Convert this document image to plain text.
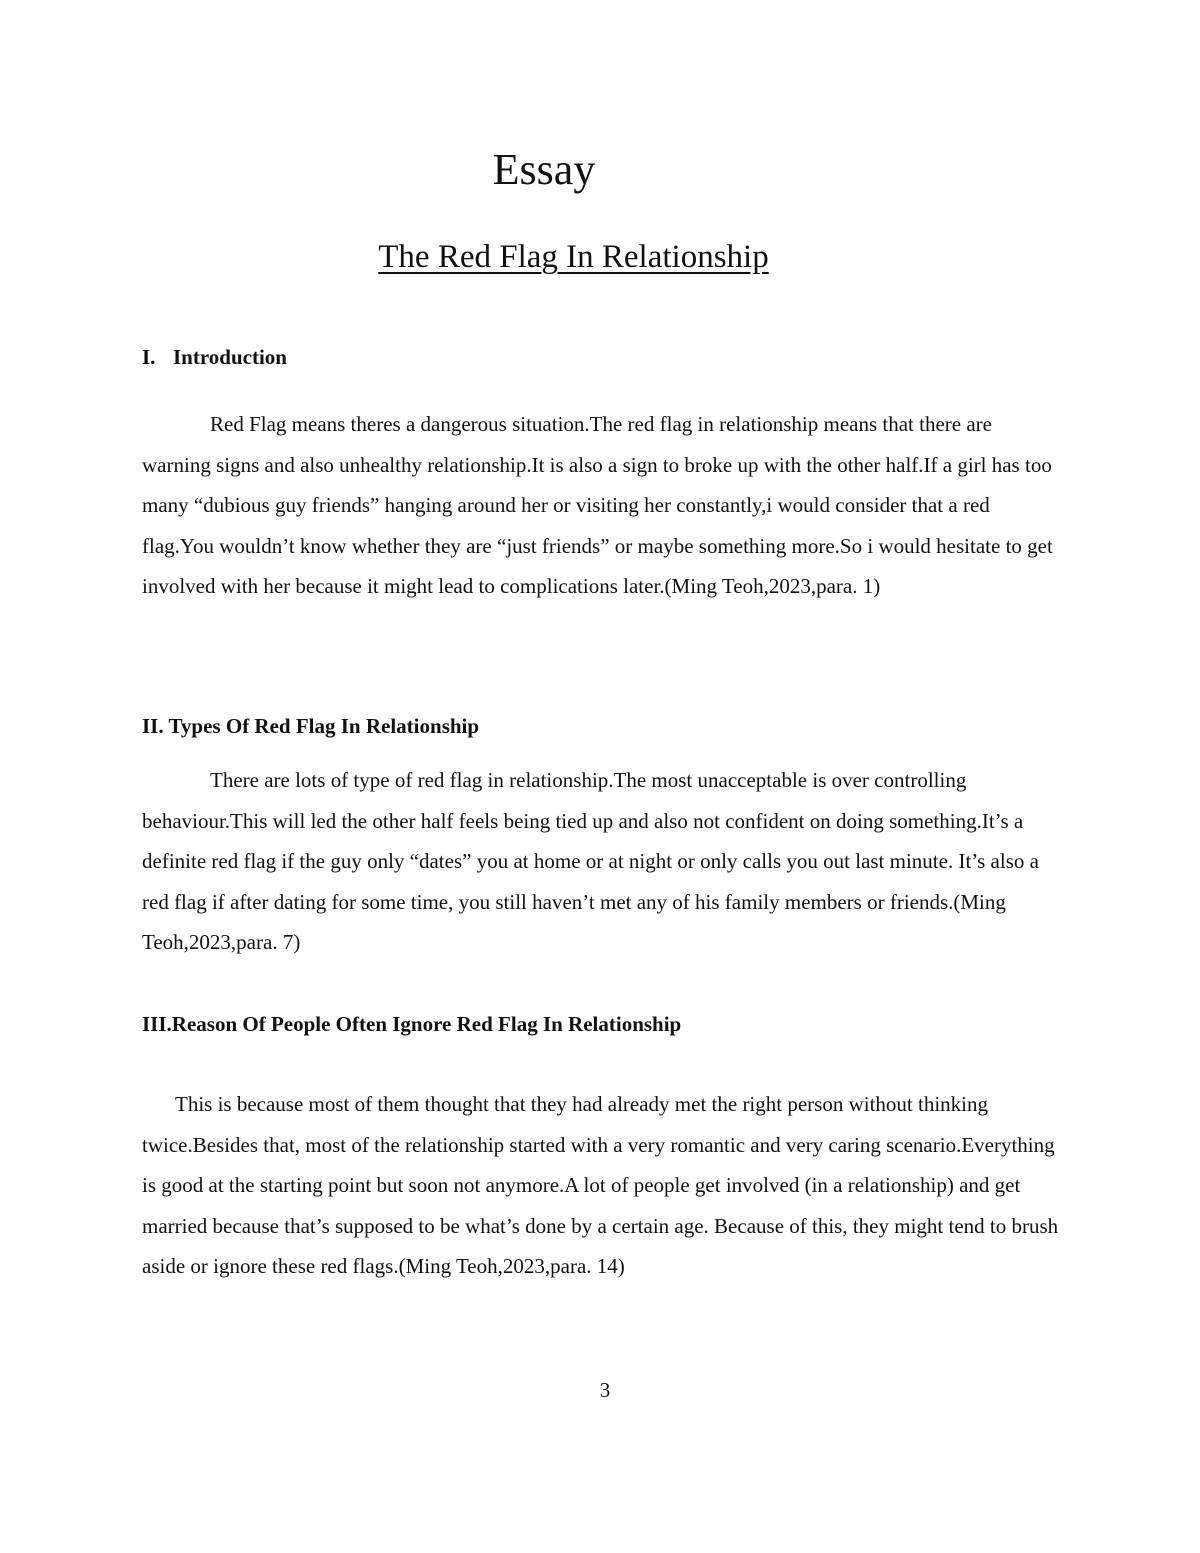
Essay
The Red Flag In Relationship
I. Introduction

Red Flag means theres a dangerous situation.The red flag in relationship means that there are warning signs and also unhealthy relationship.It is also a sign to broke up with the other half.If a girl has too many “dubious guy friends” hanging around her or visiting her constantly,i would consider that a red flag.You wouldn’t know whether they are “just friends” or maybe something more.So i would hesitate to get involved with her because it might lead to complications later.(Ming Teoh,2023,para. 1)

II. Types Of Red Flag In Relationship

There are lots of type of red flag in relationship.The most unacceptable is over controlling behaviour.This will led the other half feels being tied up and also not confident on doing something.It’s a definite red flag if the guy only “dates” you at home or at night or only calls you out last minute. It’s also a red flag if after dating for some time, you still haven’t met any of his family members or friends.(Ming Teoh,2023,para. 7)

III.Reason Of People Often Ignore Red Flag In Relationship

This is because most of them thought that they had already met the right person without thinking twice.Besides that, most of the relationship started with a very romantic and very caring scenario.Everything is good at the starting point but soon not anymore.A lot of people get involved (in a relationship) and get married because that’s supposed to be what’s done by a certain age. Because of this, they might tend to brush aside or ignore these red flags.(Ming Teoh,2023,para. 14)

3
